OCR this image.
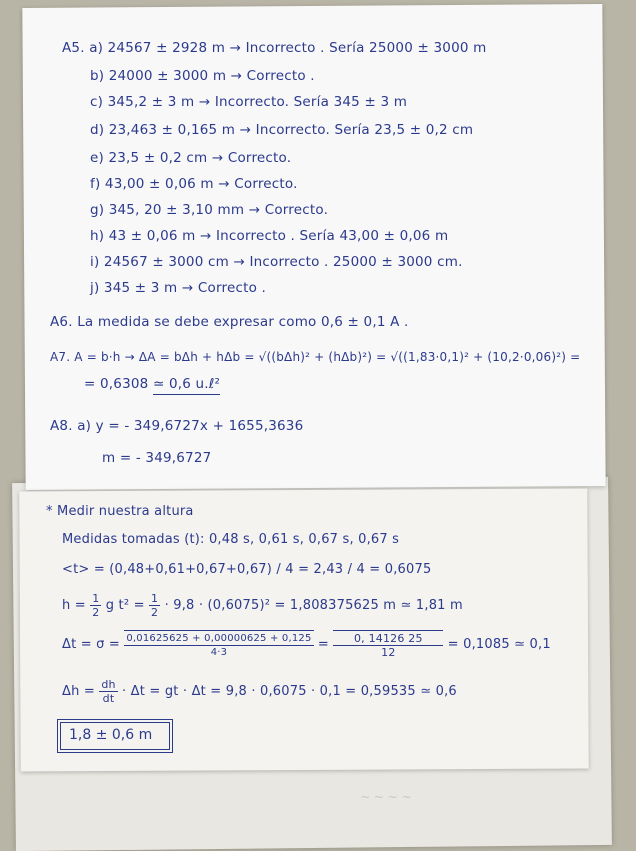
A5. a) 24567 ± 2928 m → Incorrecto . Sería 25000 ± 3000 m
b) 24000 ± 3000 m → Correcto .
c) 345,2 ± 3 m → Incorrecto. Sería 345 ± 3 m
d) 23,463 ± 0,165 m → Incorrecto. Sería 23,5 ± 0,2 cm
e) 23,5 ± 0,2 cm → Correcto.
f) 43,00 ± 0,06 m → Correcto.
g) 345, 20 ± 3,10 mm → Correcto.
h) 43 ± 0,06 m → Incorrecto . Sería 43,00 ± 0,06 m
i) 24567 ± 3000 cm → Incorrecto . 25000 ± 3000 cm.
j) 345 ± 3 m → Correcto .
A6. La medida se debe expresar como 0,6 ± 0,1 A .
A7. A = b·h → ΔA = bΔh + hΔb = √((bΔh)² + (hΔb)²) = √((1,83·0,1)² + (10,2·0,06)²) =
= 0,6308 ≃ 0,6 u.ℓ²
A8. a) y = - 349,6727x + 1655,3636
m = - 349,6727
~ ~ ~ ~
* Medir nuestra altura
Medidas tomadas (t): 0,48 s, 0,61 s, 0,67 s, 0,67 s
<t> = (0,48+0,61+0,67+0,67) / 4 = 2,43 / 4 = 0,6075
$h = \frac{1}{2}$ g $t^2 = \frac{1}{2} \cdot 9,8 \cdot (0,6075)^2 = 1,808375625$ m ≃ 1,81 m
$\Delta t = \sigma = \frac{0,01625625 + 0,00000625 + 0,125}{4\cdot 3} = \frac{0, 14126 25}{12} = 0,1085$ ≃ 0,1
$\Delta h = \frac{dh}{dt} \cdot \Delta t$ = gt · Δt = 9,8 · 0,6075 · 0,1 = 0,59535 ≃ 0,6
1,8 ± 0,6 m
